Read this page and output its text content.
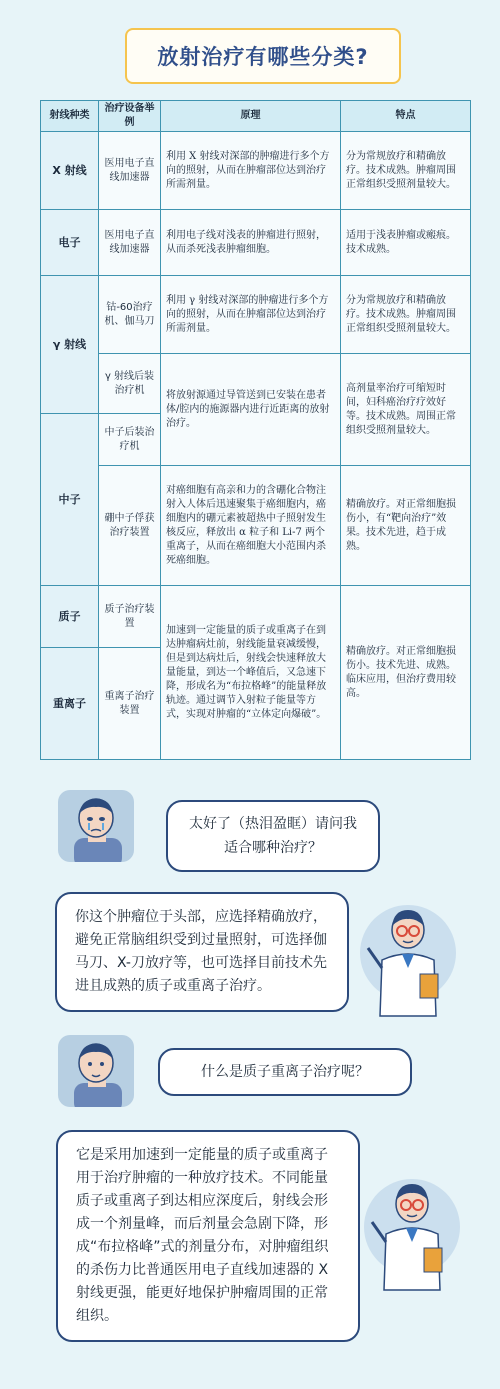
放射治疗有哪些分类?
射线种类	治疗设备举例	原理	特点
X 射线	医用电子直线加速器	利用 X 射线对深部的肿瘤进行多个方向的照射，从而在肿瘤部位达到治疗所需剂量。	分为常规放疗和精确放疗。技术成熟。肿瘤周围正常组织受照剂量较大。
电子	医用电子直线加速器	利用电子线对浅表的肿瘤进行照射，从而杀死浅表肿瘤细胞。	适用于浅表肿瘤或瘢痕。技术成熟。
γ 射线	钴-60治疗机、伽马刀	利用 γ 射线对深部的肿瘤进行多个方向的照射，从而在肿瘤部位达到治疗所需剂量。	分为常规放疗和精确放疗。技术成熟。肿瘤周围正常组织受照剂量较大。
	γ 射线后装治疗机	将放射源通过导管送到已安装在患者体/腔内的施源器内进行近距离的放射治疗。	高剂量率治疗可缩短时间，妇科癌治疗疗效好等。技术成熟。周围正常组织受照剂量较大。
中子	中子后装治疗机		
	硼中子俘获治疗装置	对癌细胞有高亲和力的含硼化合物注射入人体后迅速聚集于癌细胞内，癌细胞内的硼元素被超热中子照射发生核反应，释放出 α 粒子和 Li-7 两个重离子，从而在癌细胞大小范围内杀死癌细胞。	精确放疗。对正常细胞损伤小，有“靶向治疗”效果。技术先进，趋于成熟。
质子	质子治疗装置	加速到一定能量的质子或重离子在到达肿瘤病灶前，射线能量衰减缓慢，但是到达病灶后，射线会快速释放大量能量，到达一个峰值后，又急速下降，形成名为“布拉格峰”的能量释放轨迹。通过调节入射粒子能量等方式，实现对肿瘤的“立体定向爆破”。	精确放疗。对正常细胞损伤小。技术先进、成熟。临床应用，但治疗费用较高。
重离子	重离子治疗装置		
太好了（热泪盈眶）请问我适合哪种治疗？
你这个肿瘤位于头部，应选择精确放疗，避免正常脑组织受到过量照射，可选择伽马刀、X-刀放疗等，也可选择目前技术先进且成熟的质子或重离子治疗。
什么是质子重离子治疗呢？
它是采用加速到一定能量的质子或重离子用于治疗肿瘤的一种放疗技术。不同能量质子或重离子到达相应深度后，射线会形成一个剂量峰，而后剂量会急剧下降，形成“布拉格峰”式的剂量分布，对肿瘤组织的杀伤力比普通医用电子直线加速器的 X 射线更强，能更好地保护肿瘤周围的正常组织。
